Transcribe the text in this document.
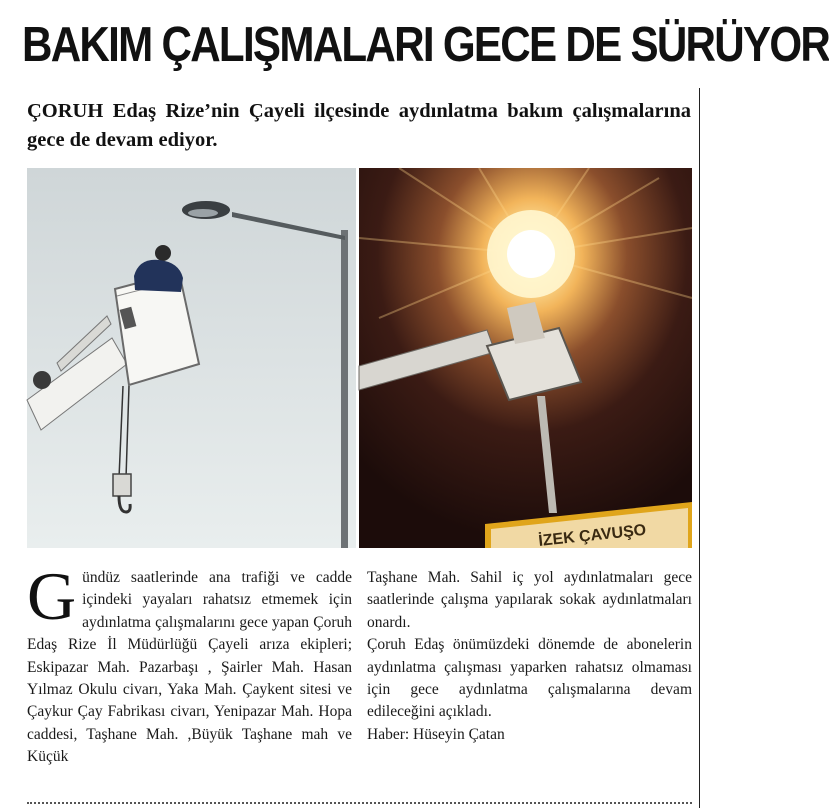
BAKIM ÇALIŞMALARI GECE DE SÜRÜYOR
ÇORUH Edaş Rize’nin Çayeli ilçesinde aydınlatma bakım çalışmalarına gece de devam ediyor.
İZEK ÇAVUŞO
G ündüz saatlerinde ana trafiği ve cadde içindeki yayaları rahatsız etmemek için aydınlatma çalışmalarını gece yapan Çoruh Edaş Rize İl Müdürlüğü Çayeli arıza ekipleri; Eskipazar Mah. Pazarbaşı , Şairler Mah. Hasan Yılmaz Okulu civarı, Yaka Mah. Çaykent sitesi ve Çaykur Çay Fabrikası civarı, Yenipazar Mah. Hopa caddesi, Taşhane Mah. ,Büyük Taşhane mah ve Küçük

Taşhane Mah. Sahil iç yol aydınlatmaları gece saatlerinde çalışma yapılarak sokak aydınlatmaları onardı.

Çoruh Edaş önümüzdeki dönemde de abonelerin aydınlatma çalışması yaparken rahatsız olmaması için gece aydınlatma çalışmalarına devam edileceğini açıkladı.

Haber: Hüseyin Çatan
